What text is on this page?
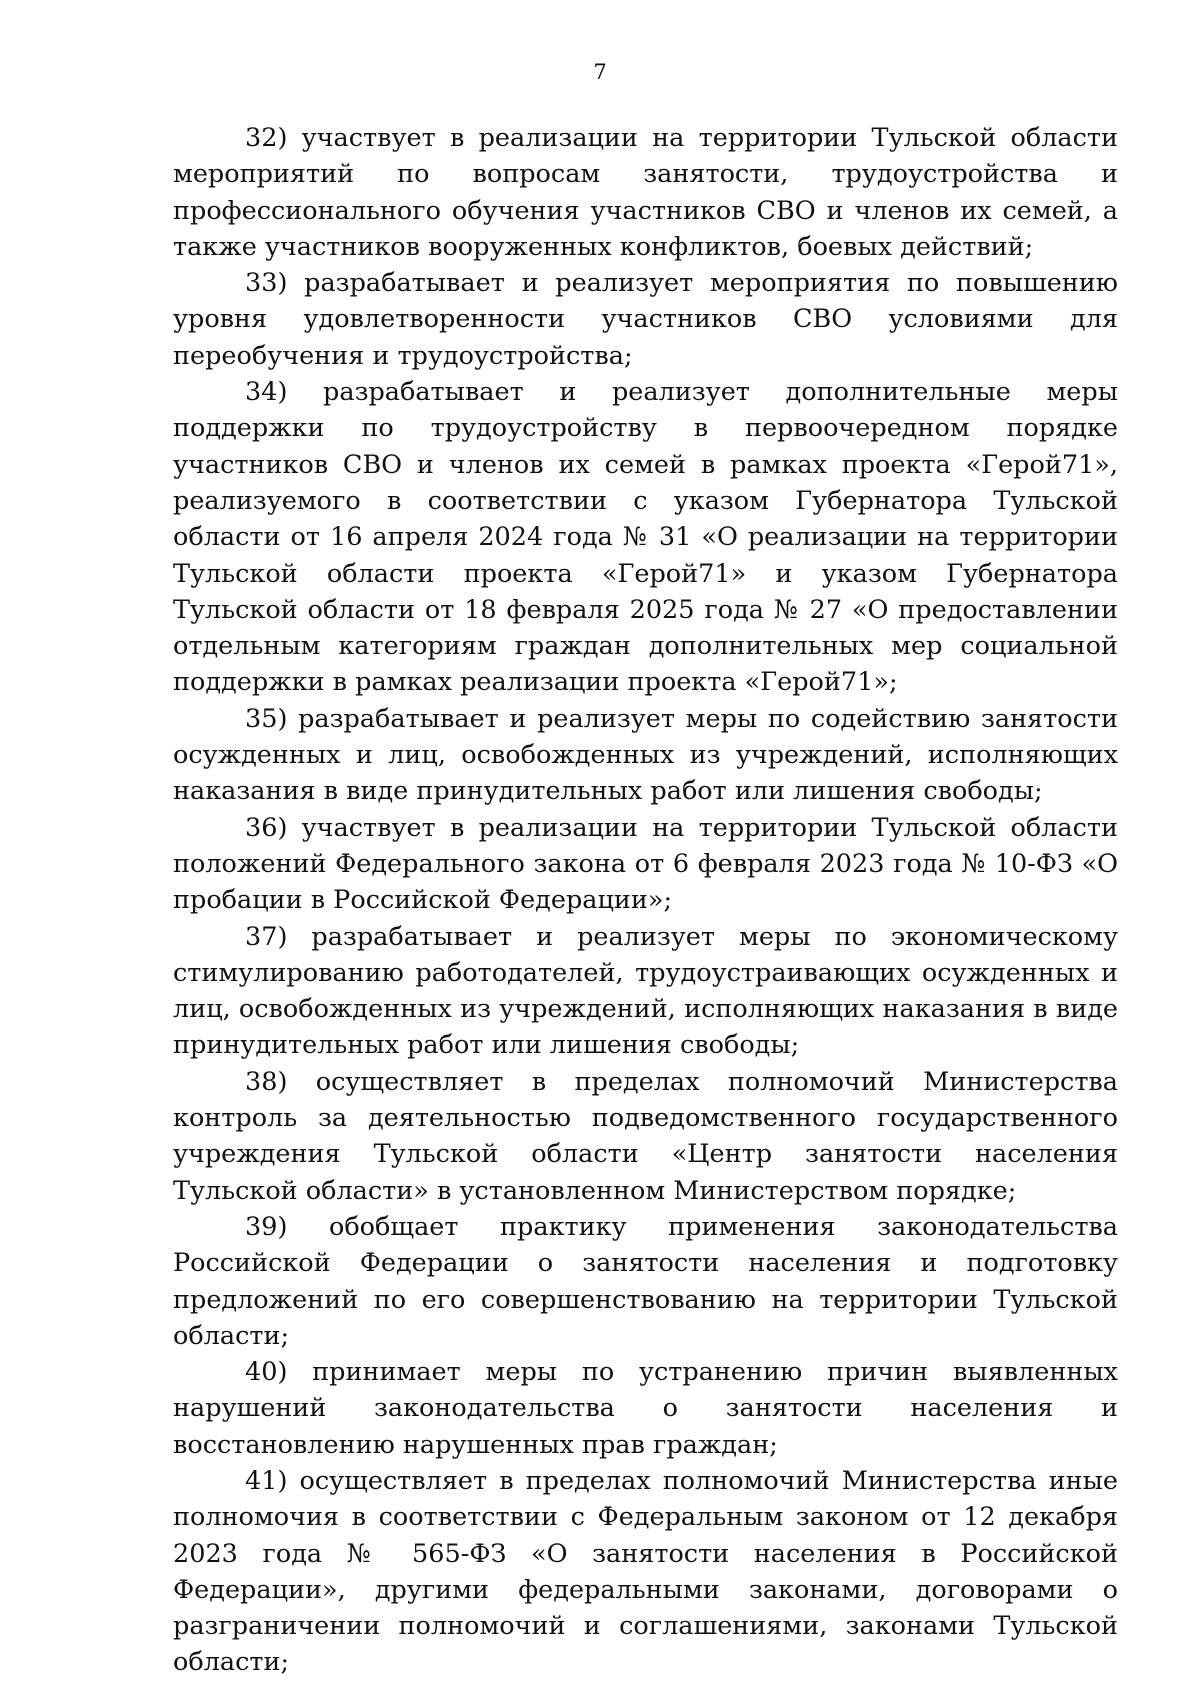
7

32) участвует в реализации на территории Тульской области мероприятий по вопросам занятости, трудоустройства и профессионального обучения участников СВО и членов их семей, а также участников вооруженных конфликтов, боевых действий;

33) разрабатывает и реализует мероприятия по повышению уровня удовлетворенности участников СВО условиями для переобучения и трудоустройства;

34) разрабатывает и реализует дополнительные меры поддержки по трудоустройству в первоочередном порядке участников СВО и членов их семей в рамках проекта «Герой71», реализуемого в соответствии с указом Губернатора Тульской области от 16 апреля 2024 года № 31 «О реализации на территории Тульской области проекта «Герой71» и указом Губернатора Тульской области от 18 февраля 2025 года № 27 «О предоставлении отдельным категориям граждан дополнительных мер социальной поддержки в рамках реализации проекта «Герой71»;

35) разрабатывает и реализует меры по содействию занятости осужденных и лиц, освобожденных из учреждений, исполняющих наказания в виде принудительных работ или лишения свободы;

36) участвует в реализации на территории Тульской области положений Федерального закона от 6 февраля 2023 года № 10-ФЗ «О пробации в Российской Федерации»;

37) разрабатывает и реализует меры по экономическому стимулированию работодателей, трудоустраивающих осужденных и лиц, освобожденных из учреждений, исполняющих наказания в виде принудительных работ или лишения свободы;

38) осуществляет в пределах полномочий Министерства контроль за деятельностью подведомственного государственного учреждения Тульской области «Центр занятости населения Тульской области» в установленном Министерством порядке;

39) обобщает практику применения законодательства Российской Федерации о занятости населения и подготовку предложений по его совершенствованию на территории Тульской области;

40) принимает меры по устранению причин выявленных нарушений законодательства о занятости населения и восстановлению нарушенных прав граждан;

41) осуществляет в пределах полномочий Министерства иные полномочия в соответствии с Федеральным законом от 12 декабря 2023 года № 565-ФЗ «О занятости населения в Российской Федерации», другими федеральными законами, договорами о разграничении полномочий и соглашениями, законами Тульской области;
